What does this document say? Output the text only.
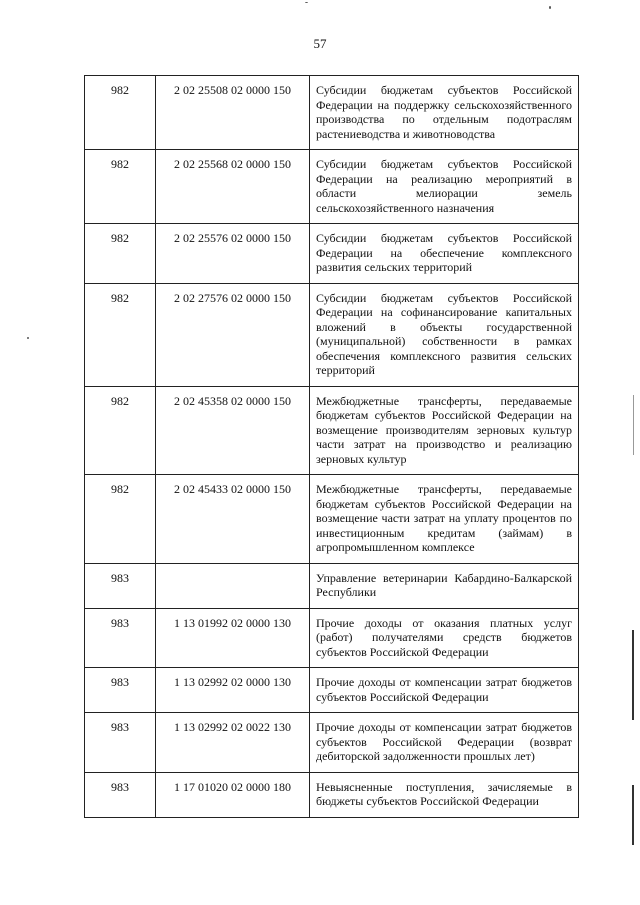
57
982	2 02 25508 02 0000 150	Субсидии бюджетам субъектов Российской Федерации на поддержку сельскохозяйственного производства по отдельным подотраслям растениеводства и животноводства
982	2 02 25568 02 0000 150	Субсидии бюджетам субъектов Российской Федерации на реализацию мероприятий в области мелиорации земель сельскохозяйственного назначения
982	2 02 25576 02 0000 150	Субсидии бюджетам субъектов Российской Федерации на обеспечение комплексного развития сельских территорий
982	2 02 27576 02 0000 150	Субсидии бюджетам субъектов Российской Федерации на софинансирование капитальных вложений в объекты государственной (муниципальной) собственности в рамках обеспечения комплексного развития сельских территорий
982	2 02 45358 02 0000 150	Межбюджетные трансферты, передаваемые бюджетам субъектов Российской Федерации на возмещение производителям зерновых культур части затрат на производство и реализацию зерновых культур
982	2 02 45433 02 0000 150	Межбюджетные трансферты, передаваемые бюджетам субъектов Российской Федерации на возмещение части затрат на уплату процентов по инвестиционным кредитам (займам) в агропромышленном комплексе
983		Управление ветеринарии Кабардино-Балкарской Республики
983	1 13 01992 02 0000 130	Прочие доходы от оказания платных услуг (работ) получателями средств бюджетов субъектов Российской Федерации
983	1 13 02992 02 0000 130	Прочие доходы от компенсации затрат бюджетов субъектов Российской Федерации
983	1 13 02992 02 0022 130	Прочие доходы от компенсации затрат бюджетов субъектов Российской Федерации (возврат дебиторской задолженности прошлых лет)
983	1 17 01020 02 0000 180	Невыясненные поступления, зачисляемые в бюджеты субъектов Российской Федерации
